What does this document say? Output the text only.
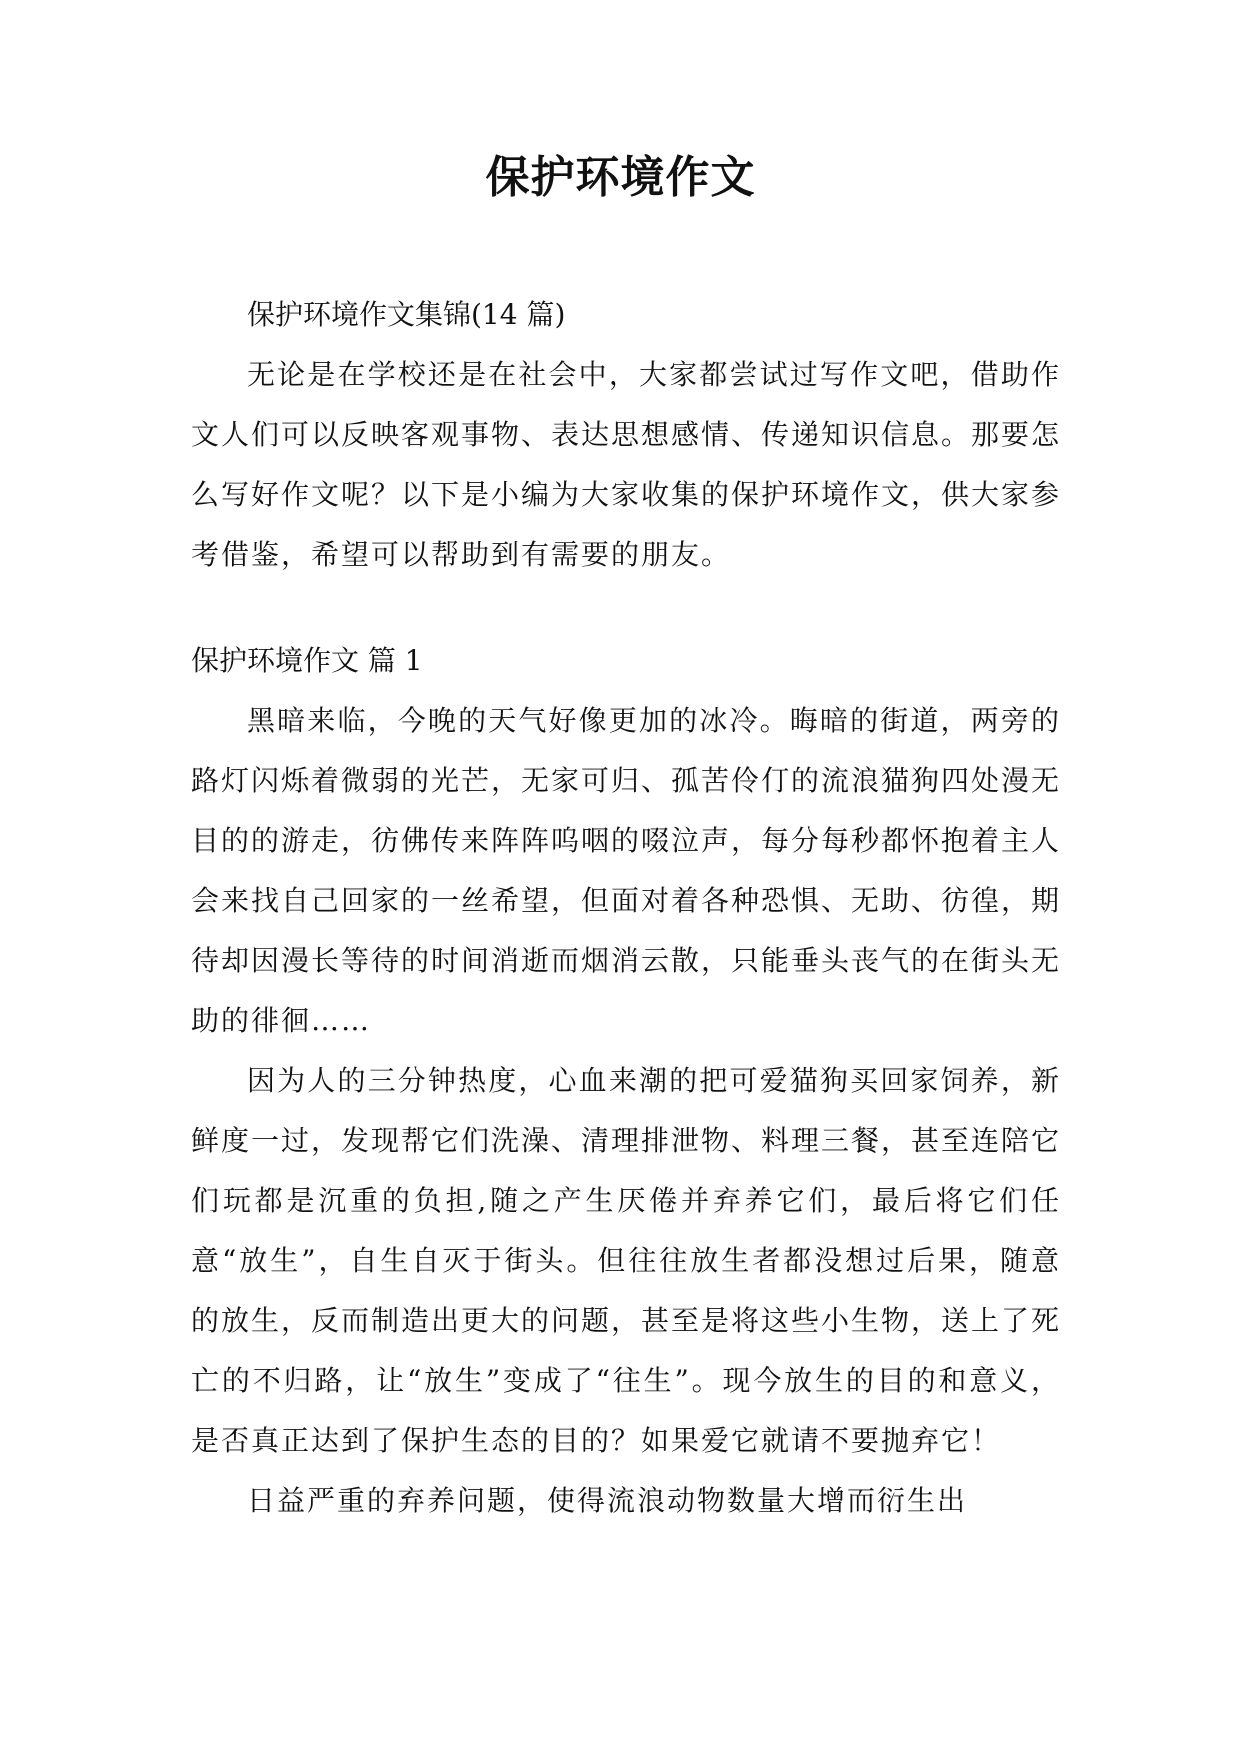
保护环境作文

保护环境作文集锦(14 篇)

无论是在学校还是在社会中，大家都尝试过写作文吧，借助作文人们可以反映客观事物、表达思想感情、传递知识信息。那要怎么写好作文呢？以下是小编为大家收集的保护环境作文，供大家参考借鉴，希望可以帮助到有需要的朋友。

保护环境作文 篇 1

黑暗来临，今晚的天气好像更加的冰冷。晦暗的街道，两旁的路灯闪烁着微弱的光芒，无家可归、孤苦伶仃的流浪猫狗四处漫无目的的游走，彷佛传来阵阵呜咽的啜泣声，每分每秒都怀抱着主人会来找自己回家的一丝希望，但面对着各种恐惧、无助、彷徨，期待却因漫长等待的时间消逝而烟消云散，只能垂头丧气的在街头无助的徘徊……

因为人的三分钟热度，心血来潮的把可爱猫狗买回家饲养，新鲜度一过，发现帮它们洗澡、清理排泄物、料理三餐，甚至连陪它们玩都是沉重的负担,随之产生厌倦并弃养它们，最后将它们任意“放生”，自生自灭于街头。但往往放生者都没想过后果，随意的放生，反而制造出更大的问题，甚至是将这些小生物，送上了死亡的不归路，让“放生”变成了“往生”。现今放生的目的和意义，是否真正达到了保护生态的目的？如果爱它就请不要抛弃它！

日益严重的弃养问题，使得流浪动物数量大增而衍生出
